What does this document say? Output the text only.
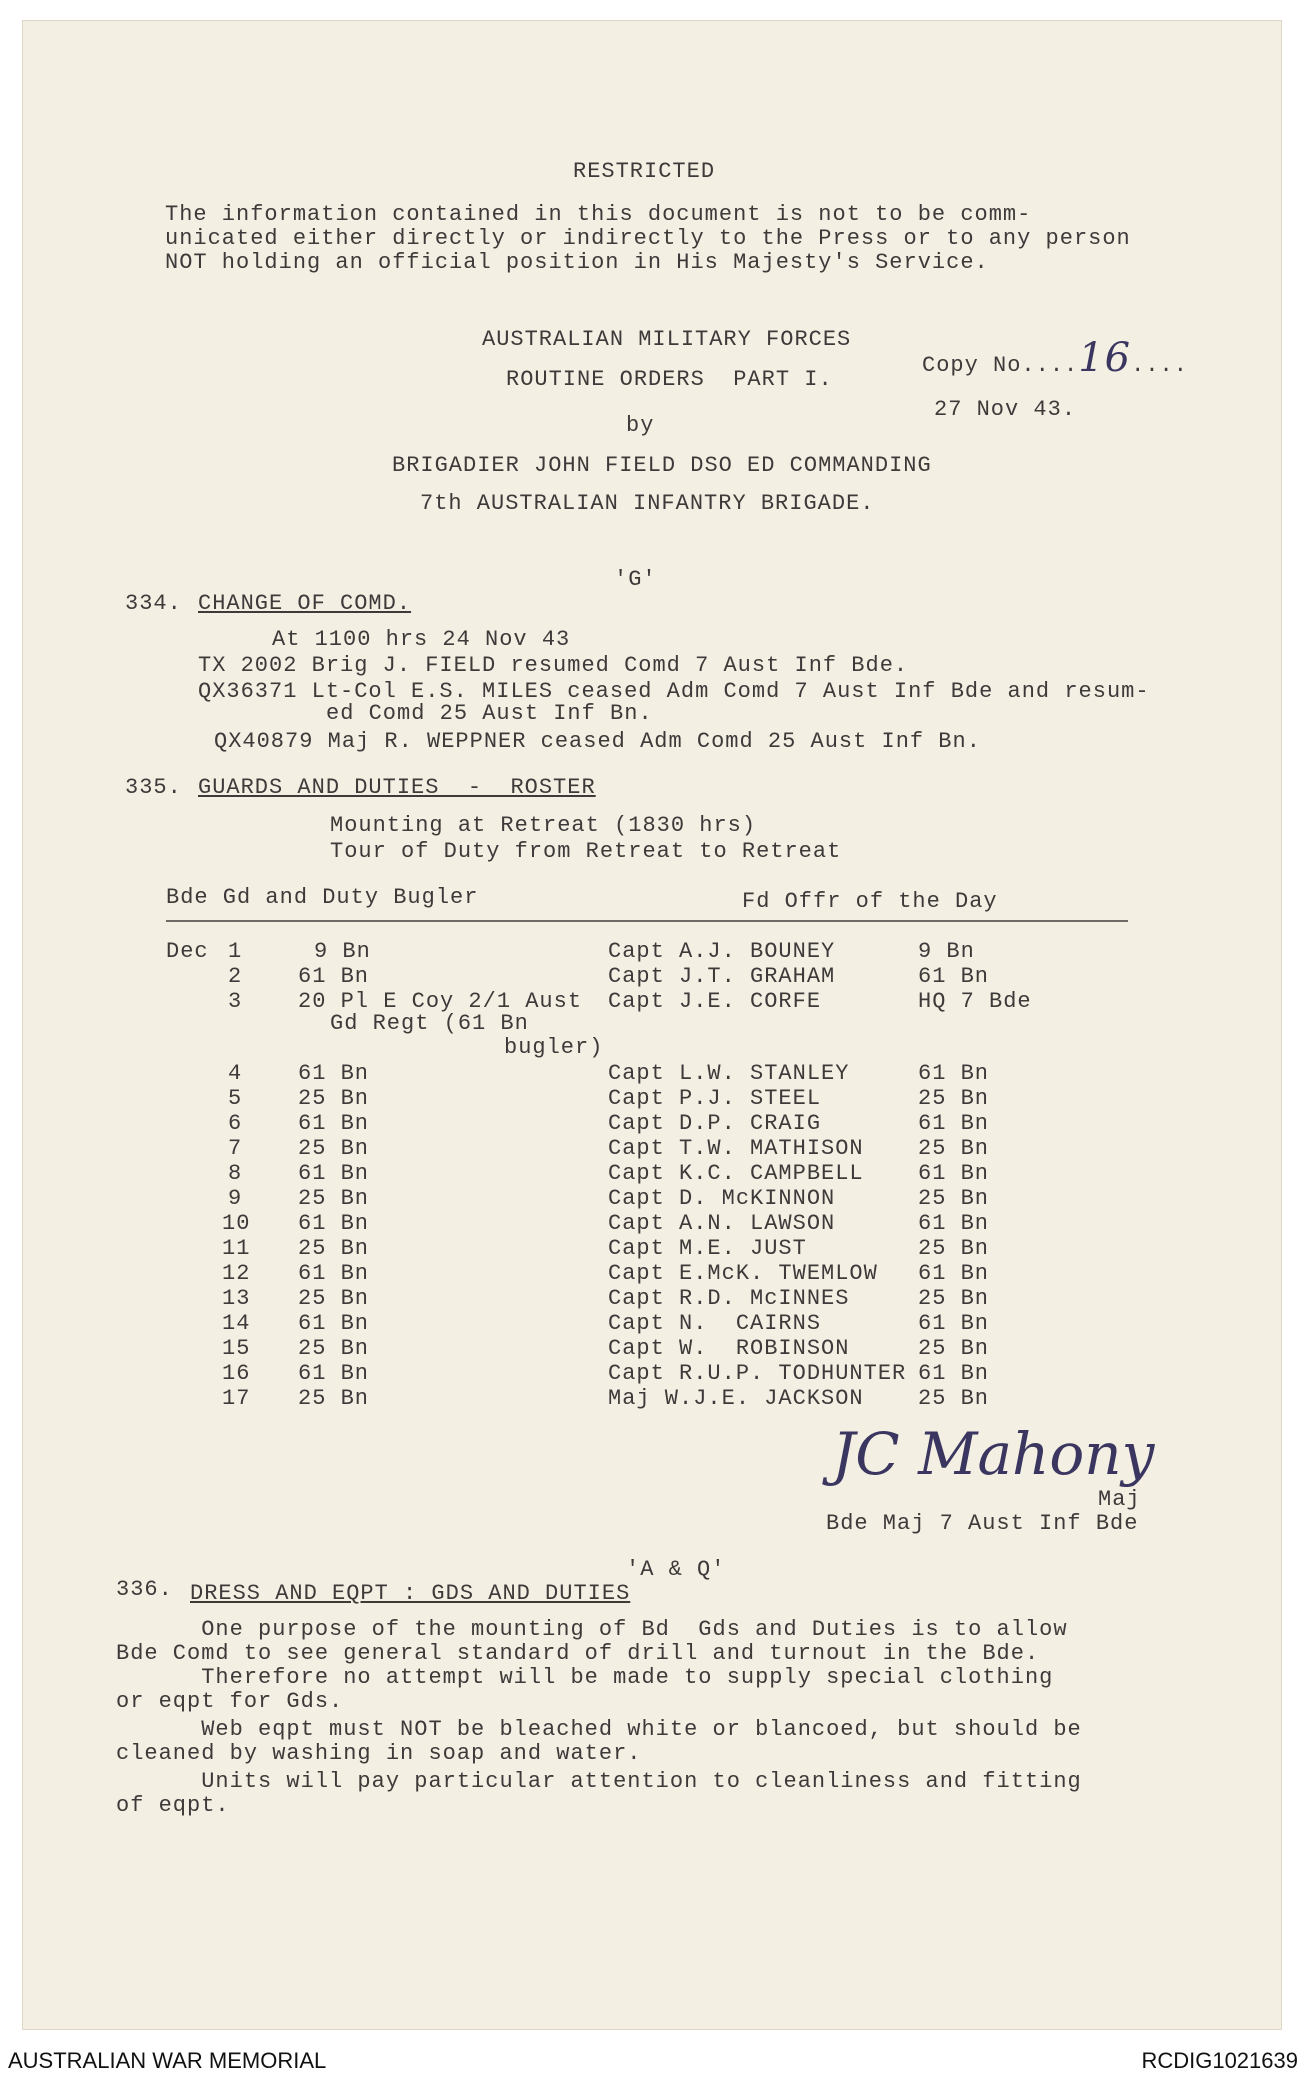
RESTRICTED
The information contained in this document is not to be comm-
unicated either directly or indirectly to the Press or to any person
NOT holding an official position in His Majesty's Service.
AUSTRALIAN MILITARY FORCES
ROUTINE ORDERS  PART I.
by
BRIGADIER JOHN FIELD DSO ED COMMANDING
7th AUSTRALIAN INFANTRY BRIGADE.
Copy No....16....
27 Nov 43.
'G'
334. CHANGE OF COMD.
At 1100 hrs 24 Nov 43
TX 2002 Brig J. FIELD resumed Comd 7 Aust Inf Bde.
QX36371 Lt-Col E.S. MILES ceased Adm Comd 7 Aust Inf Bde and resum-
ed Comd 25 Aust Inf Bn.
QX40879 Maj R. WEPPNER ceased Adm Comd 25 Aust Inf Bn.
335. GUARDS AND DUTIES  -  ROSTER
Mounting at Retreat (1830 hrs)
Tour of Duty from Retreat to Retreat
Bde Gd and Duty Bugler	Fd Offr of the Day
Dec 1	9 Bn	Capt A.J. BOUNEY	9 Bn
2	61 Bn	Capt J.T. GRAHAM	61 Bn
3	20 Pl E Coy 2/1 Aust Capt J.E. CORFE	HQ 7 Bde
Gd Regt (61 Bn
bugler)
4	61 Bn	Capt L.W. STANLEY	61 Bn
5	25 Bn	Capt P.J. STEEL	25 Bn
6	61 Bn	Capt D.P. CRAIG	61 Bn
7	25 Bn	Capt T.W. MATHISON 25 Bn
8	61 Bn	Capt K.C. CAMPBELL 61 Bn
9	25 Bn	Capt D. McKINNON	25 Bn
10 61 Bn	Capt A.N. LAWSON	61 Bn
11 25 Bn	Capt M.E. JUST	25 Bn
12 61 Bn	Capt E.McK. TWEMLOW 61 Bn
13 25 Bn	Capt R.D. McINNES	25 Bn
14 61 Bn	Capt N.  CAIRNS	61 Bn
15 25 Bn	Capt W.  ROBINSON	25 Bn
16 61 Bn	Capt R.U.P. TODHUNTER 61 Bn
17 25 Bn	Maj W.J.E. JACKSON 25 Bn
JC Mahony
Maj
Bde Maj 7 Aust Inf Bde
'A & Q'
336. DRESS AND EQPT : GDS AND DUTIES
One purpose of the mounting of Bd  Gds and Duties is to allow
Bde Comd to see general standard of drill and turnout in the Bde.
Therefore no attempt will be made to supply special clothing
or eqpt for Gds.
Web eqpt must NOT be bleached white or blancoed, but should be
cleaned by washing in soap and water.
Units will pay particular attention to cleanliness and fitting
of eqpt.
AUSTRALIAN WAR MEMORIAL	RCDIG1021639
